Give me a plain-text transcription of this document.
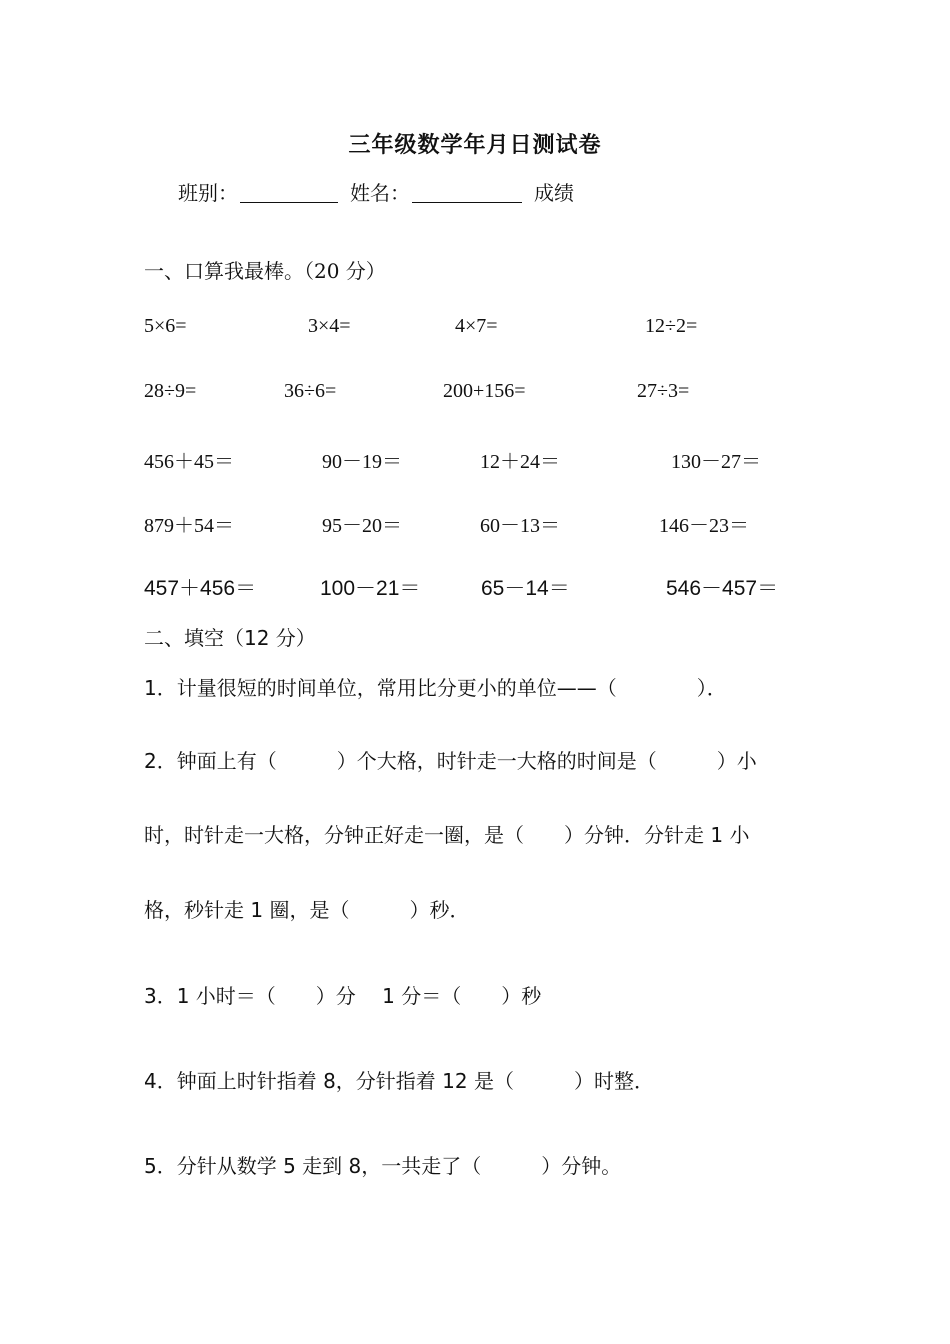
三年级数学年月日测试卷
班别：	姓名：	成绩
一、口算我最棒。（20 分）
5×6=	3×4=	4×7=	12÷2=
28÷9=	36÷6=	200+156=	27÷3=
456＋45＝	90－19＝	12＋24＝	130－27＝
879＋54＝	95－20＝	60－13＝	146－23＝
457＋456＝	100－21＝	65－14＝	546－457＝
二、填空（12 分）
1．计量很短的时间单位，常用比分更小的单位——（　　　　）．
2．钟面上有（　　　）个大格，时针走一大格的时间是（　　　）小
时，时针走一大格，分钟正好走一圈，是（　　）分钟．分针走 1 小
格，秒针走 1 圈，是（　　　）秒．
3．1 小时＝（　　）分　 1 分＝（　　）秒
4．钟面上时针指着 8，分针指着 12 是（　　　）时整．
5．分针从数学 5 走到 8，一共走了（　　　）分钟。
